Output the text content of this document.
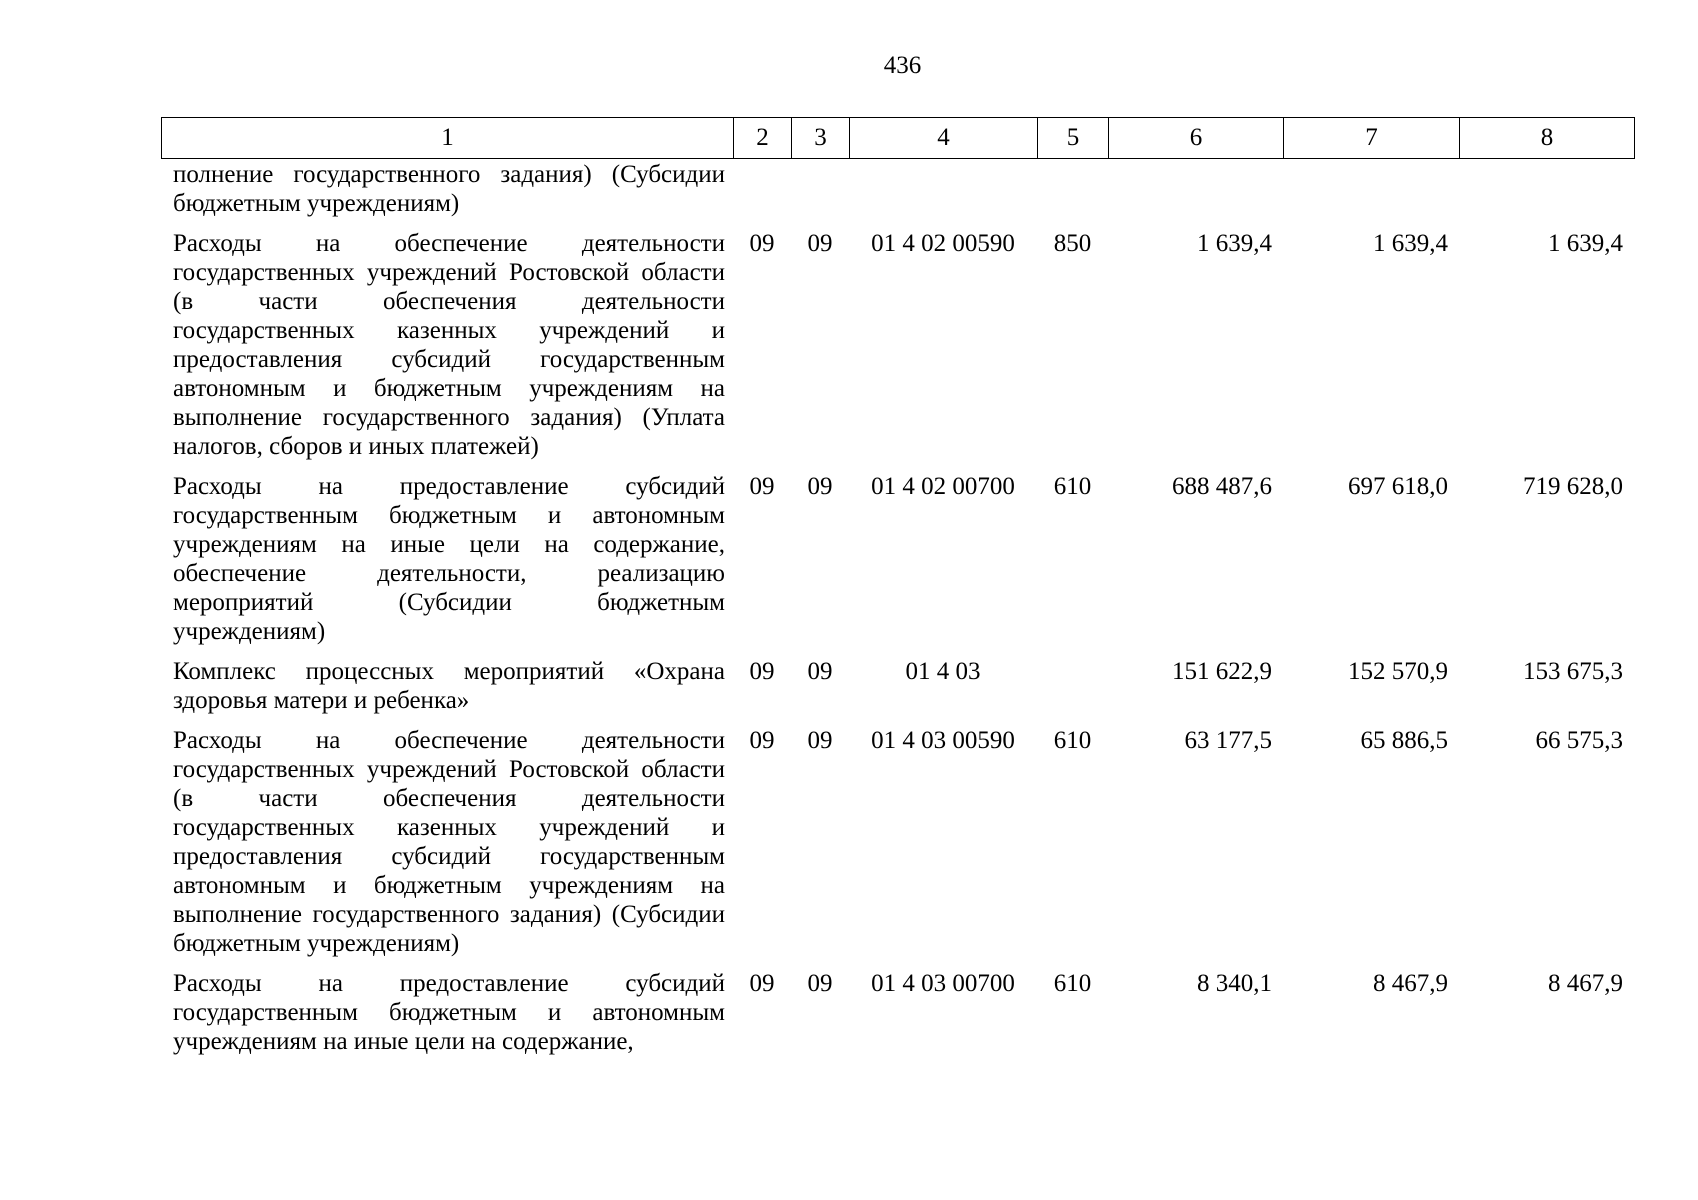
436
1	2	3	4	5	6	7	8
полнение государственного задания) (Субсидии бюджетным учреждениям)							
Расходы на обеспечение деятельности государственных учреждений Ростовской области (в части обеспечения деятельности государственных казенных учреждений и предоставления субсидий государственным автономным и бюджетным учреждениям на выполнение государственного задания) (Уплата налогов, сборов и иных платежей)	09	09	01 4 02 00590	850	1 639,4	1 639,4	1 639,4
Расходы на предоставление субсидий государственным бюджетным и автономным учреждениям на иные цели на содержание, обеспечение деятельности, реализацию мероприятий (Субсидии бюджетным учреждениям)	09	09	01 4 02 00700	610	688 487,6	697 618,0	719 628,0
Комплекс процессных мероприятий «Охрана здоровья матери и ребенка»	09	09	01 4 03		151 622,9	152 570,9	153 675,3
Расходы на обеспечение деятельности государственных учреждений Ростовской области (в части обеспечения деятельности государственных казенных учреждений и предоставления субсидий государственным автономным и бюджетным учреждениям на выполнение государственного задания) (Субсидии бюджетным учреждениям)	09	09	01 4 03 00590	610	63 177,5	65 886,5	66 575,3
Расходы на предоставление субсидий государственным бюджетным и автономным учреждениям на иные цели на содержание,	09	09	01 4 03 00700	610	8 340,1	8 467,9	8 467,9
